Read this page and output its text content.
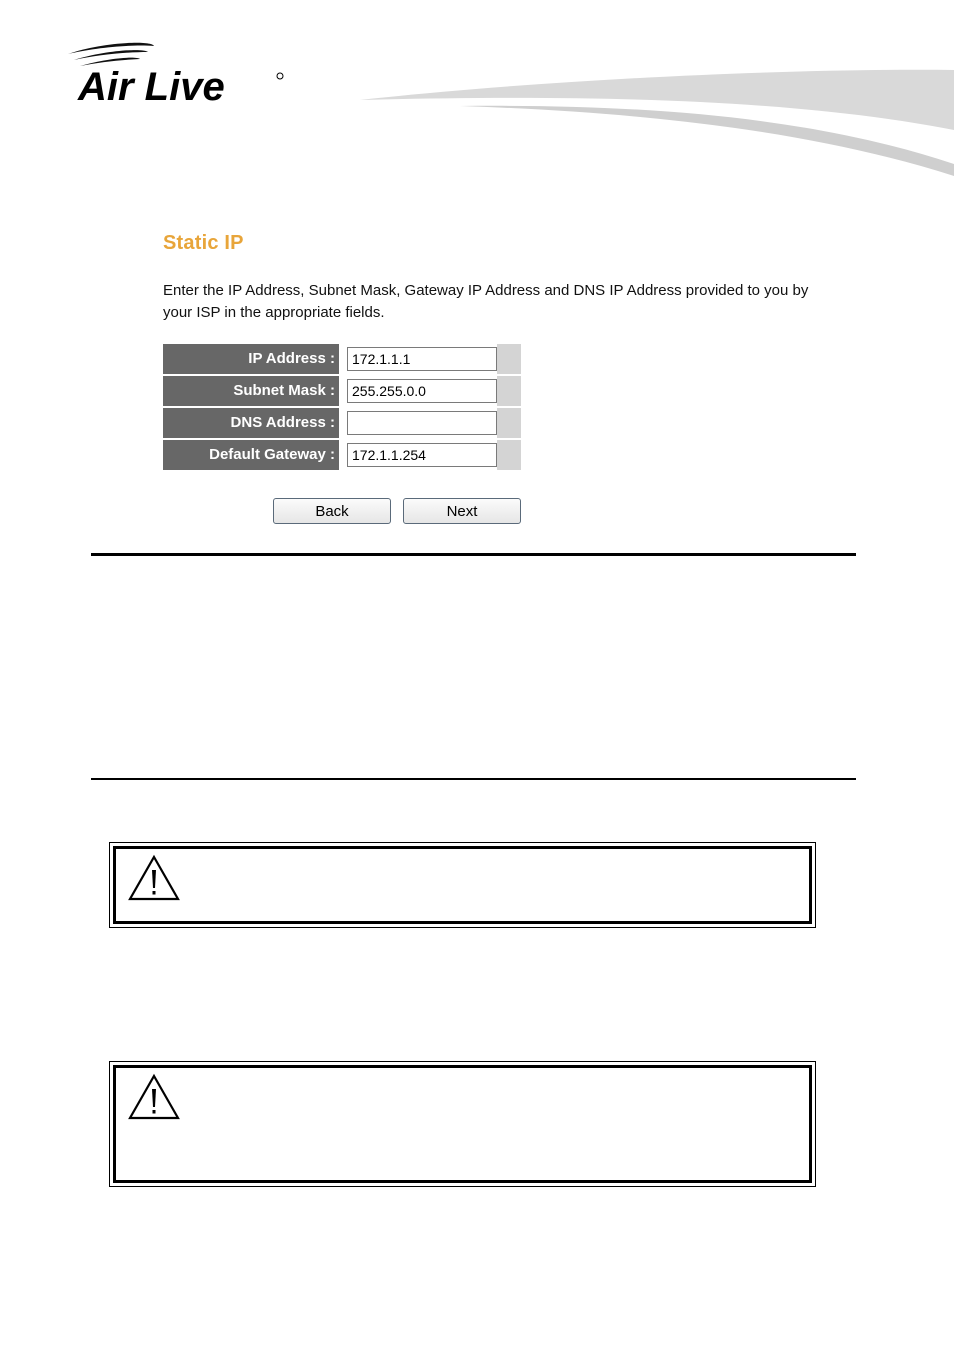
Air Live
Static IP
Enter the IP Address, Subnet Mask, Gateway IP Address and DNS IP Address provided to you by your ISP in the appropriate fields.
IP Address :
172.1.1.1
Subnet Mask :
255.255.0.0
DNS Address :
Default Gateway :
172.1.1.254
Back	Next
